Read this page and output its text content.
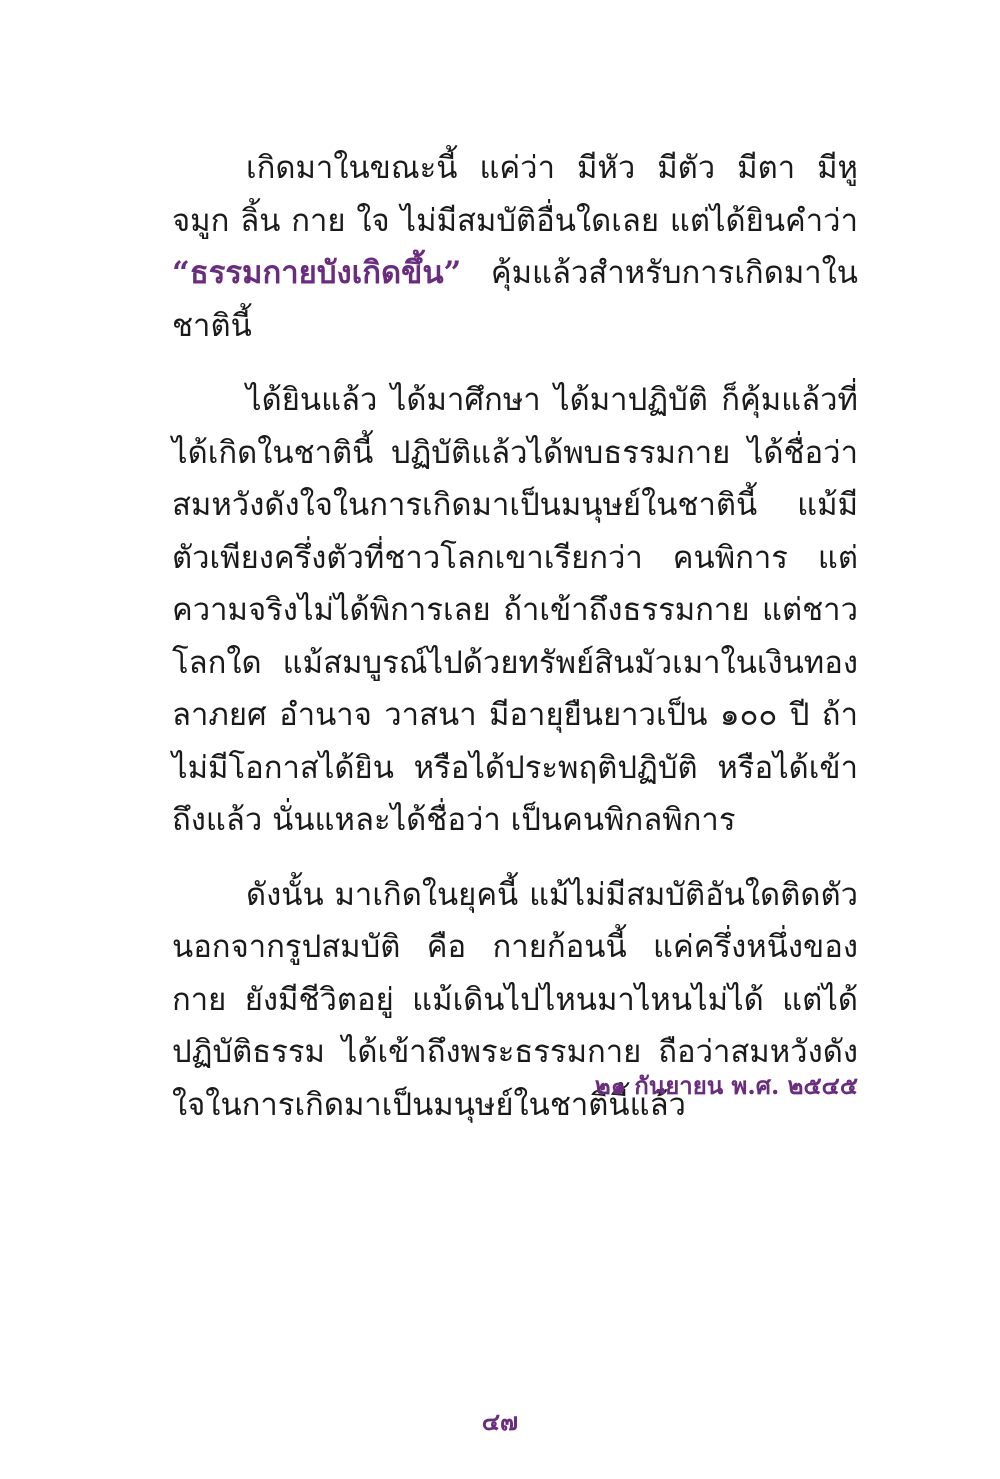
เกิดมาในขณะนี้ แค่ว่า มีหัว มีตัว มีตา มีหู จมูก ลิ้น กาย ใจ ไม่มีสมบัติอื่นใดเลย แต่ได้ยินคำว่า “ธรรมกายบังเกิดขึ้น” คุ้มแล้วสำหรับการเกิดมาในชาตินี้

ได้ยินแล้ว ได้มาศึกษา ได้มาปฏิบัติ ก็คุ้มแล้วที่ได้เกิดในชาตินี้ ปฏิบัติแล้วได้พบธรรมกาย ได้ชื่อว่า สมหวังดังใจในการเกิดมาเป็นมนุษย์ในชาตินี้ แม้มีตัวเพียงครึ่งตัวที่ชาวโลกเขาเรียกว่า คนพิการ แต่ความจริงไม่ได้พิการเลย ถ้าเข้าถึงธรรมกาย แต่ชาวโลกใด แม้สมบูรณ์ไปด้วยทรัพย์สินมัวเมาในเงินทอง ลาภยศ อำนาจ วาสนา มีอายุยืนยาวเป็น ๑๐๐ ปี ถ้าไม่มีโอกาสได้ยิน หรือได้ประพฤติปฏิบัติ หรือได้เข้าถึงแล้ว นั่นแหละได้ชื่อว่า เป็นคนพิกลพิการ

ดังนั้น มาเกิดในยุคนี้ แม้ไม่มีสมบัติอันใดติดตัวนอกจากรูปสมบัติ คือ กายก้อนนี้ แค่ครึ่งหนึ่งของกาย ยังมีชีวิตอยู่ แม้เดินไปไหนมาไหนไม่ได้ แต่ได้ปฏิบัติธรรม ได้เข้าถึงพระธรรมกาย ถือว่าสมหวังดังใจในการเกิดมาเป็นมนุษย์ในชาตินี้แล้ว

๒๑ กันยายน พ.ศ. ๒๕๔๕
๔๗
